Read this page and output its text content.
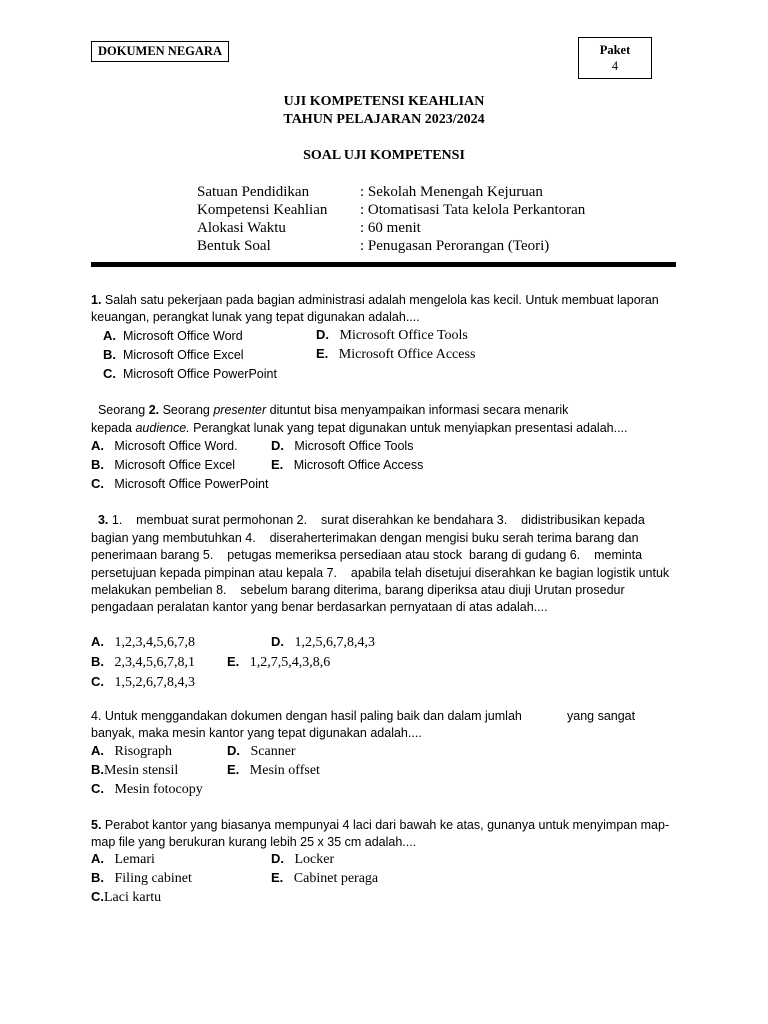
DOKUMEN NEGARA	Paket
4
UJI KOMPETENSI KEAHLIAN
TAHUN PELAJARAN 2023/2024
SOAL UJI KOMPETENSI
Satuan Pendidikan	: Sekolah Menengah Kejuruan
Kompetensi Keahlian : Otomatisasi Tata kelola Perkantoran
Alokasi Waktu	: 60 menit
Bentuk Soal	: Penugasan Perorangan (Teori)
1. Salah satu pekerjaan pada bagian administrasi adalah mengelola kas kecil. Untuk membuat laporan
keuangan, perangkat lunak yang tepat digunakan adalah....
A. Microsoft Office Word
B. Microsoft Office Excel
C. Microsoft Office PowerPoint
D. Microsoft Office Tools
E. Microsoft Office Access
Seorang 2. Seorang presenter dituntut bisa menyampaikan informasi secara menarik
kepada audience. Perangkat lunak yang tepat digunakan untuk menyiapkan presentasi adalah....
A. Microsoft Office Word.
B. Microsoft Office Excel
C. Microsoft Office PowerPoint
D. Microsoft Office Tools
E. Microsoft Office Access
3. 1.    membuat surat permohonan 2.    surat diserahkan ke bendahara 3.    didistribusikan kepada
bagian yang membutuhkan 4.    diseraherterimakan dengan mengisi buku serah terima barang dan
penerimaan barang 5.    petugas memeriksa persediaan atau stock  barang di gudang 6.    meminta
persetujuan kepada pimpinan atau kepala 7.    apabila telah disetujui diserahkan ke bagian logistik untuk
melakukan pembelian 8.    sebelum barang diterima, barang diperiksa atau diuji Urutan prosedur
pengadaan peralatan kantor yang benar berdasarkan pernyataan di atas adalah....
A. 1,2,3,4,5,6,7,8
B. 2,3,4,5,6,7,8,1
C. 1,5,2,6,7,8,4,3
D. 1,2,5,6,7,8,4,3
E. 1,2,7,5,4,3,8,6
4. Untuk menggandakan dokumen dengan hasil paling baik dan dalam jumlah	yang sangat
banyak, maka mesin kantor yang tepat digunakan adalah....
A. Risograph
B.Mesin stensil
C. Mesin fotocopy
D. Scanner
E. Mesin offset
5. Perabot kantor yang biasanya mempunyai 4 laci dari bawah ke atas, gunanya untuk menyimpan map-
map file yang berukuran kurang lebih 25 x 35 cm adalah....
A. Lemari
B. Filing cabinet
C.Laci kartu
D. Locker
E. Cabinet peraga
